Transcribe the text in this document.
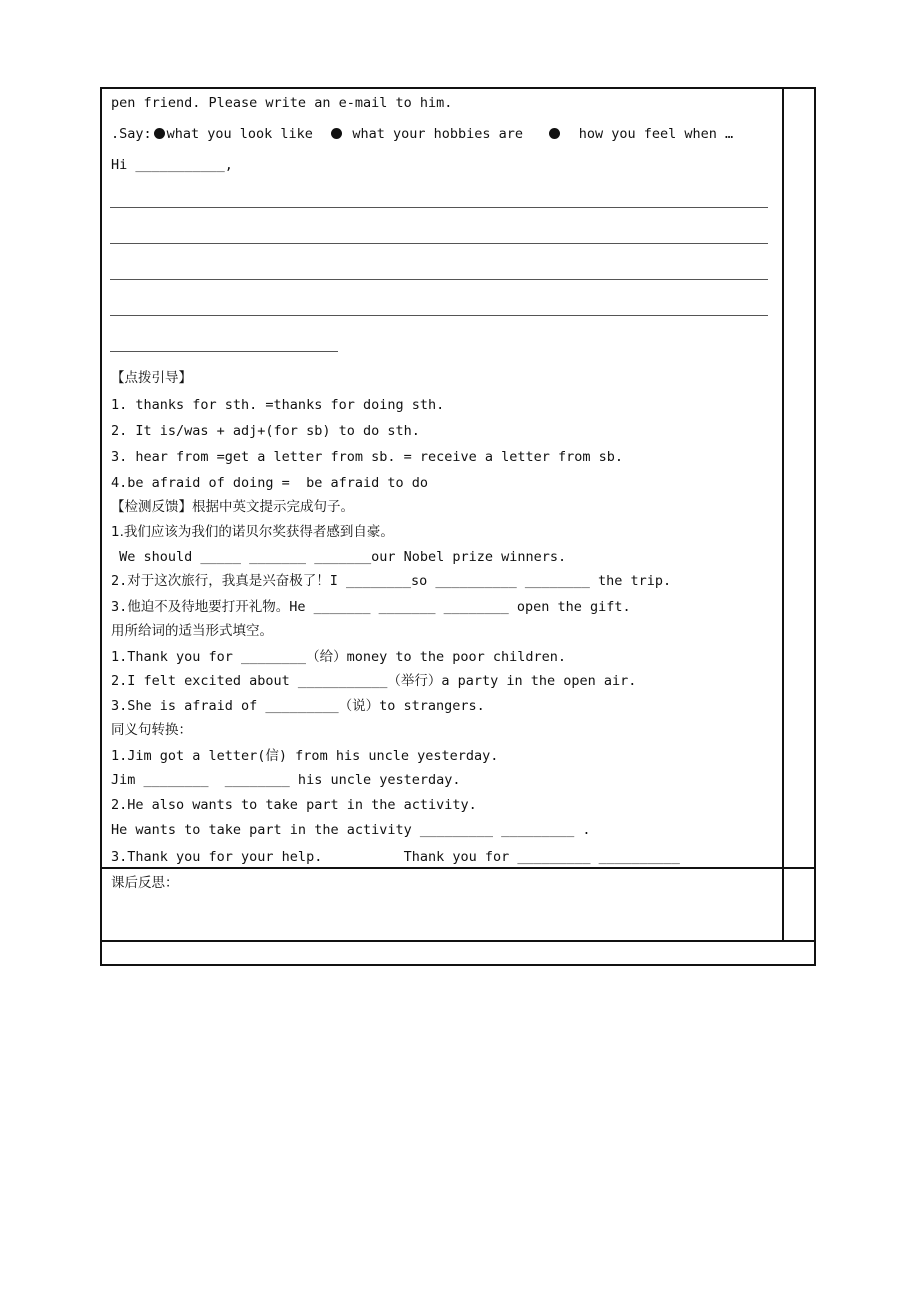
pen friend. Please write an e-mail to him.
.Say: what you look like	what your hobbies are	how you feel when …
Hi ___________,
【点拨引导】
1. thanks for sth. =thanks for doing sth.
2. It is/was + adj+(for sb) to do sth.
3. hear from =get a letter from sb. = receive a letter from sb.
4.be afraid of doing =  be afraid to do
【检测反馈】根据中英文提示完成句子。
1.我们应该为我们的诺贝尔奖获得者感到自豪。
We should _____ _______ _______our Nobel prize winners.
2.对于这次旅行，我真是兴奋极了！I ________so __________ ________ the trip.
3.他迫不及待地要打开礼物。He _______ _______ ________ open the gift.
用所给词的适当形式填空。
1.Thank you for ________（给）money to the poor children.
2.I felt excited about ___________（举行）a party in the open air.
3.She is afraid of _________（说）to strangers.
同义句转换：
1.Jim got a letter(信) from his uncle yesterday.
Jim ________  ________ his uncle yesterday.
2.He also wants to take part in the activity.
He wants to take part in the activity _________ _________ .
3.Thank you for your help.          Thank you for _________ __________
课后反思：
